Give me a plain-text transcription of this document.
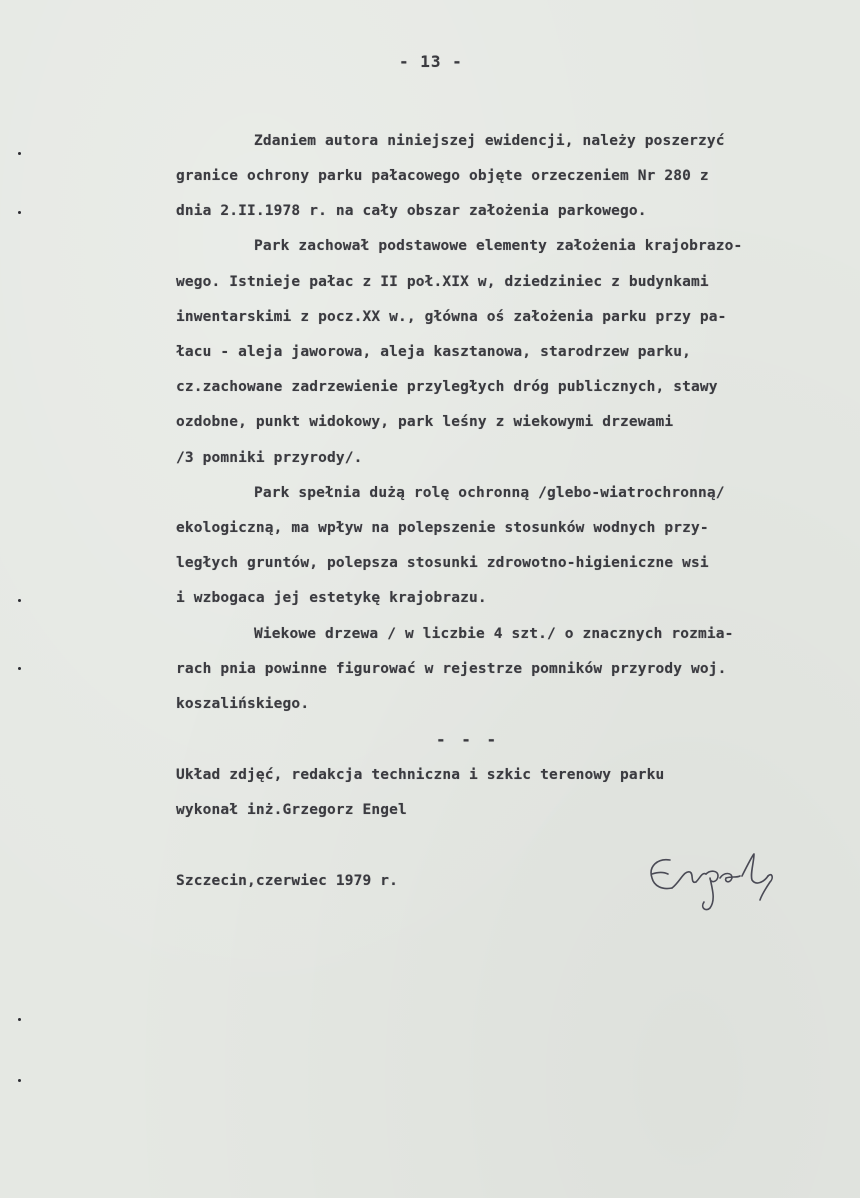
- 13 -
Zdaniem autora niniejszej ewidencji, należy poszerzyć
granice ochrony parku pałacowego objęte orzeczeniem Nr 280 z
dnia 2.II.1978 r. na cały obszar założenia parkowego.
Park zachował podstawowe elementy założenia krajobrazo-
wego. Istnieje pałac z II poł.XIX w, dziedziniec z budynkami
inwentarskimi z pocz.XX w., główna oś założenia parku przy pa-
łacu - aleja jaworowa, aleja kasztanowa, starodrzew parku,
cz.zachowane zadrzewienie przyległych dróg publicznych, stawy
ozdobne, punkt widokowy, park leśny z wiekowymi drzewami
/3 pomniki przyrody/.
Park spełnia dużą rolę ochronną /glebo-wiatrochronną/
ekologiczną, ma wpływ na polepszenie stosunków wodnych przy-
ległych gruntów, polepsza stosunki zdrowotno-higieniczne wsi
i wzbogaca jej estetykę krajobrazu.
Wiekowe drzewa / w liczbie 4 szt./ o znacznych rozmia-
rach pnia powinne figurować w rejestrze pomników przyrody woj.
koszalińskiego.
- - -
Układ zdjęć, redakcja techniczna i szkic terenowy parku
wykonał inż.Grzegorz Engel
Szczecin,czerwiec 1979 r.
